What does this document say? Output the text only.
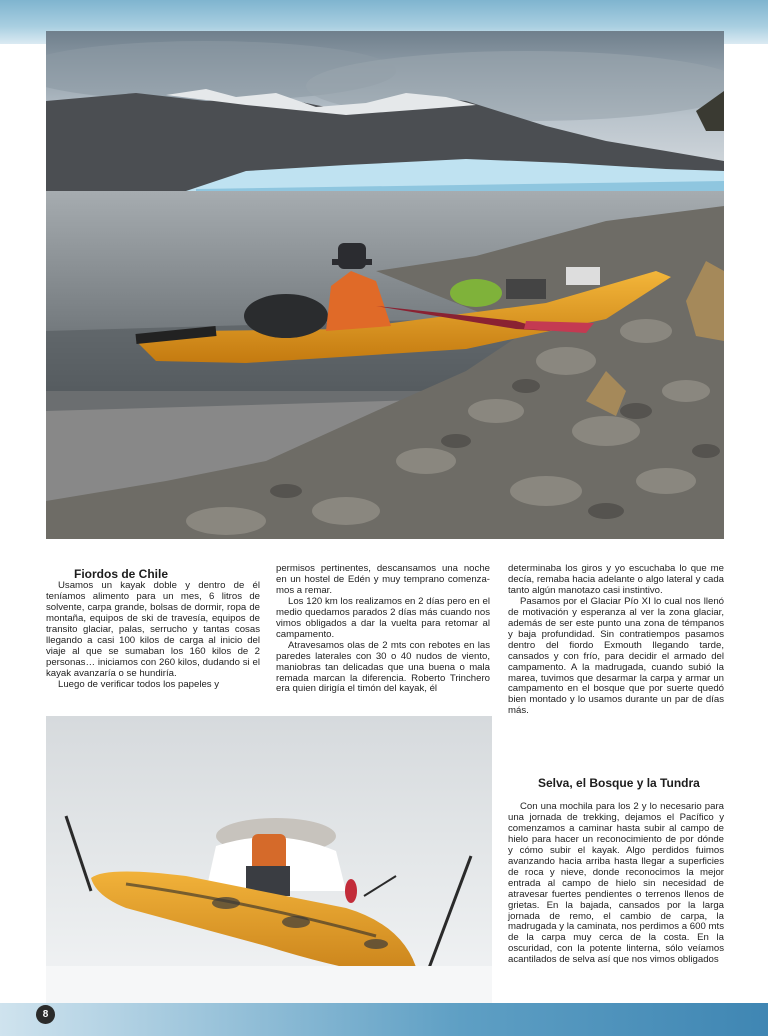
Fiordos de Chile

Usamos un kayak doble y dentro de él teníamos alimento para un mes, 6 litros de solvente, carpa grande, bolsas de dormir, ropa de montaña, equipos de ski de travesía, equipos de transito glaciar, palas, serrucho y tantas cosas llegando a casi 100 kilos de carga al inicio del viaje al que se sumaban los 160 kilos de 2 personas… iniciamos con 260 kilos, dudando si el kayak avanzaría o se hundiría.

Luego de verificar todos los papeles y

permisos pertinentes, descansamos una noche en un hostel de Edén y muy temprano comenza-mos a remar.

Los 120 km los realizamos en 2 días pero en el medio quedamos parados 2 días más cuando nos vimos obligados a dar la vuelta para retomar al campamento.

Atravesamos olas de 2 mts con rebotes en las paredes laterales con 30 o 40 nudos de viento, maniobras tan delicadas que una buena o mala remada marcan la diferencia. Roberto Trinchero era quien dirigía el timón del kayak, él

determinaba los giros y yo escuchaba lo que me decía, remaba hacia adelante o algo lateral y cada tanto algún manotazo casi instintivo.

Pasamos por el Glaciar Pío XI lo cual nos llenó de motivación y esperanza al ver la zona glaciar, además de ser este punto una zona de témpanos y baja profundidad. Sin contratiempos pasamos dentro del fiordo Exmouth llegando tarde, cansados y con frío, para decidir el armado del campamento. A la madrugada, cuando subió la marea, tuvimos que desarmar la carpa y armar un campamento en el bosque que por suerte quedó bien montado y lo usamos durante un par de días más.

Selva, el Bosque y la Tundra

Con una mochila para los 2 y lo necesario para una jornada de trekking, dejamos el Pacífico y comenzamos a caminar hasta subir al campo de hielo para hacer un reconocimiento de por dónde y cómo subir el kayak. Algo perdidos fuimos avanzando hacia arriba hasta llegar a superficies de roca y nieve, donde reconocimos la mejor entrada al campo de hielo sin necesidad de atravesar fuertes pendientes o terrenos llenos de grietas. En la bajada, cansados por la larga jornada de remo, el cambio de carpa, la madrugada y la caminata, nos perdimos a 600 mts de la carpa muy cerca de la costa. En la oscuridad, con la potente linterna, sólo veíamos acantilados de selva así que nos vimos obligados

8
